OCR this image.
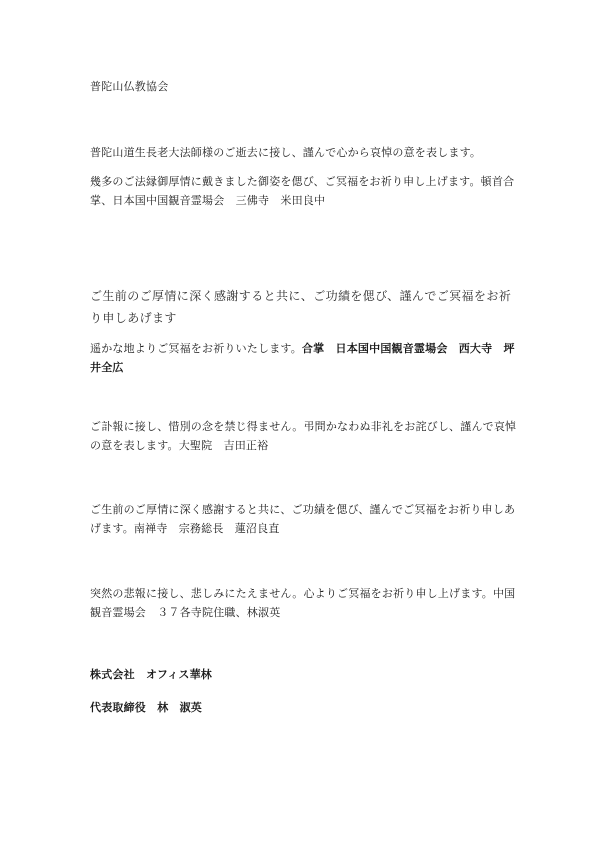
普陀山仏教協会

普陀山道生長老大法師様のご逝去に接し、謹んで心から哀悼の意を表します。

幾多のご法縁御厚情に戴きました御姿を偲び、ご冥福をお祈り申し上げます。頓首合掌、日本国中国観音霊場会　三佛寺　米田良中

ご生前のご厚情に深く感謝すると共に、ご功績を偲び、謹んでご冥福をお祈り申しあげます

遥かな地よりご冥福をお祈りいたします。合掌　日本国中国観音霊場会　西大寺　坪井全広

ご訃報に接し、惜別の念を禁じ得ません。弔問かなわぬ非礼をお詫びし、謹んで哀悼の意を表します。大聖院　吉田正裕

ご生前のご厚情に深く感謝すると共に、ご功績を偲び、謹んでご冥福をお祈り申しあげます。南禅寺　宗務総長　蓮沼良直

突然の悲報に接し、悲しみにたえません。心よりご冥福をお祈り申し上げます。中国観音霊場会　３７各寺院住職、林淑英

株式会社　オフィス華林

代表取締役　林　淑英
